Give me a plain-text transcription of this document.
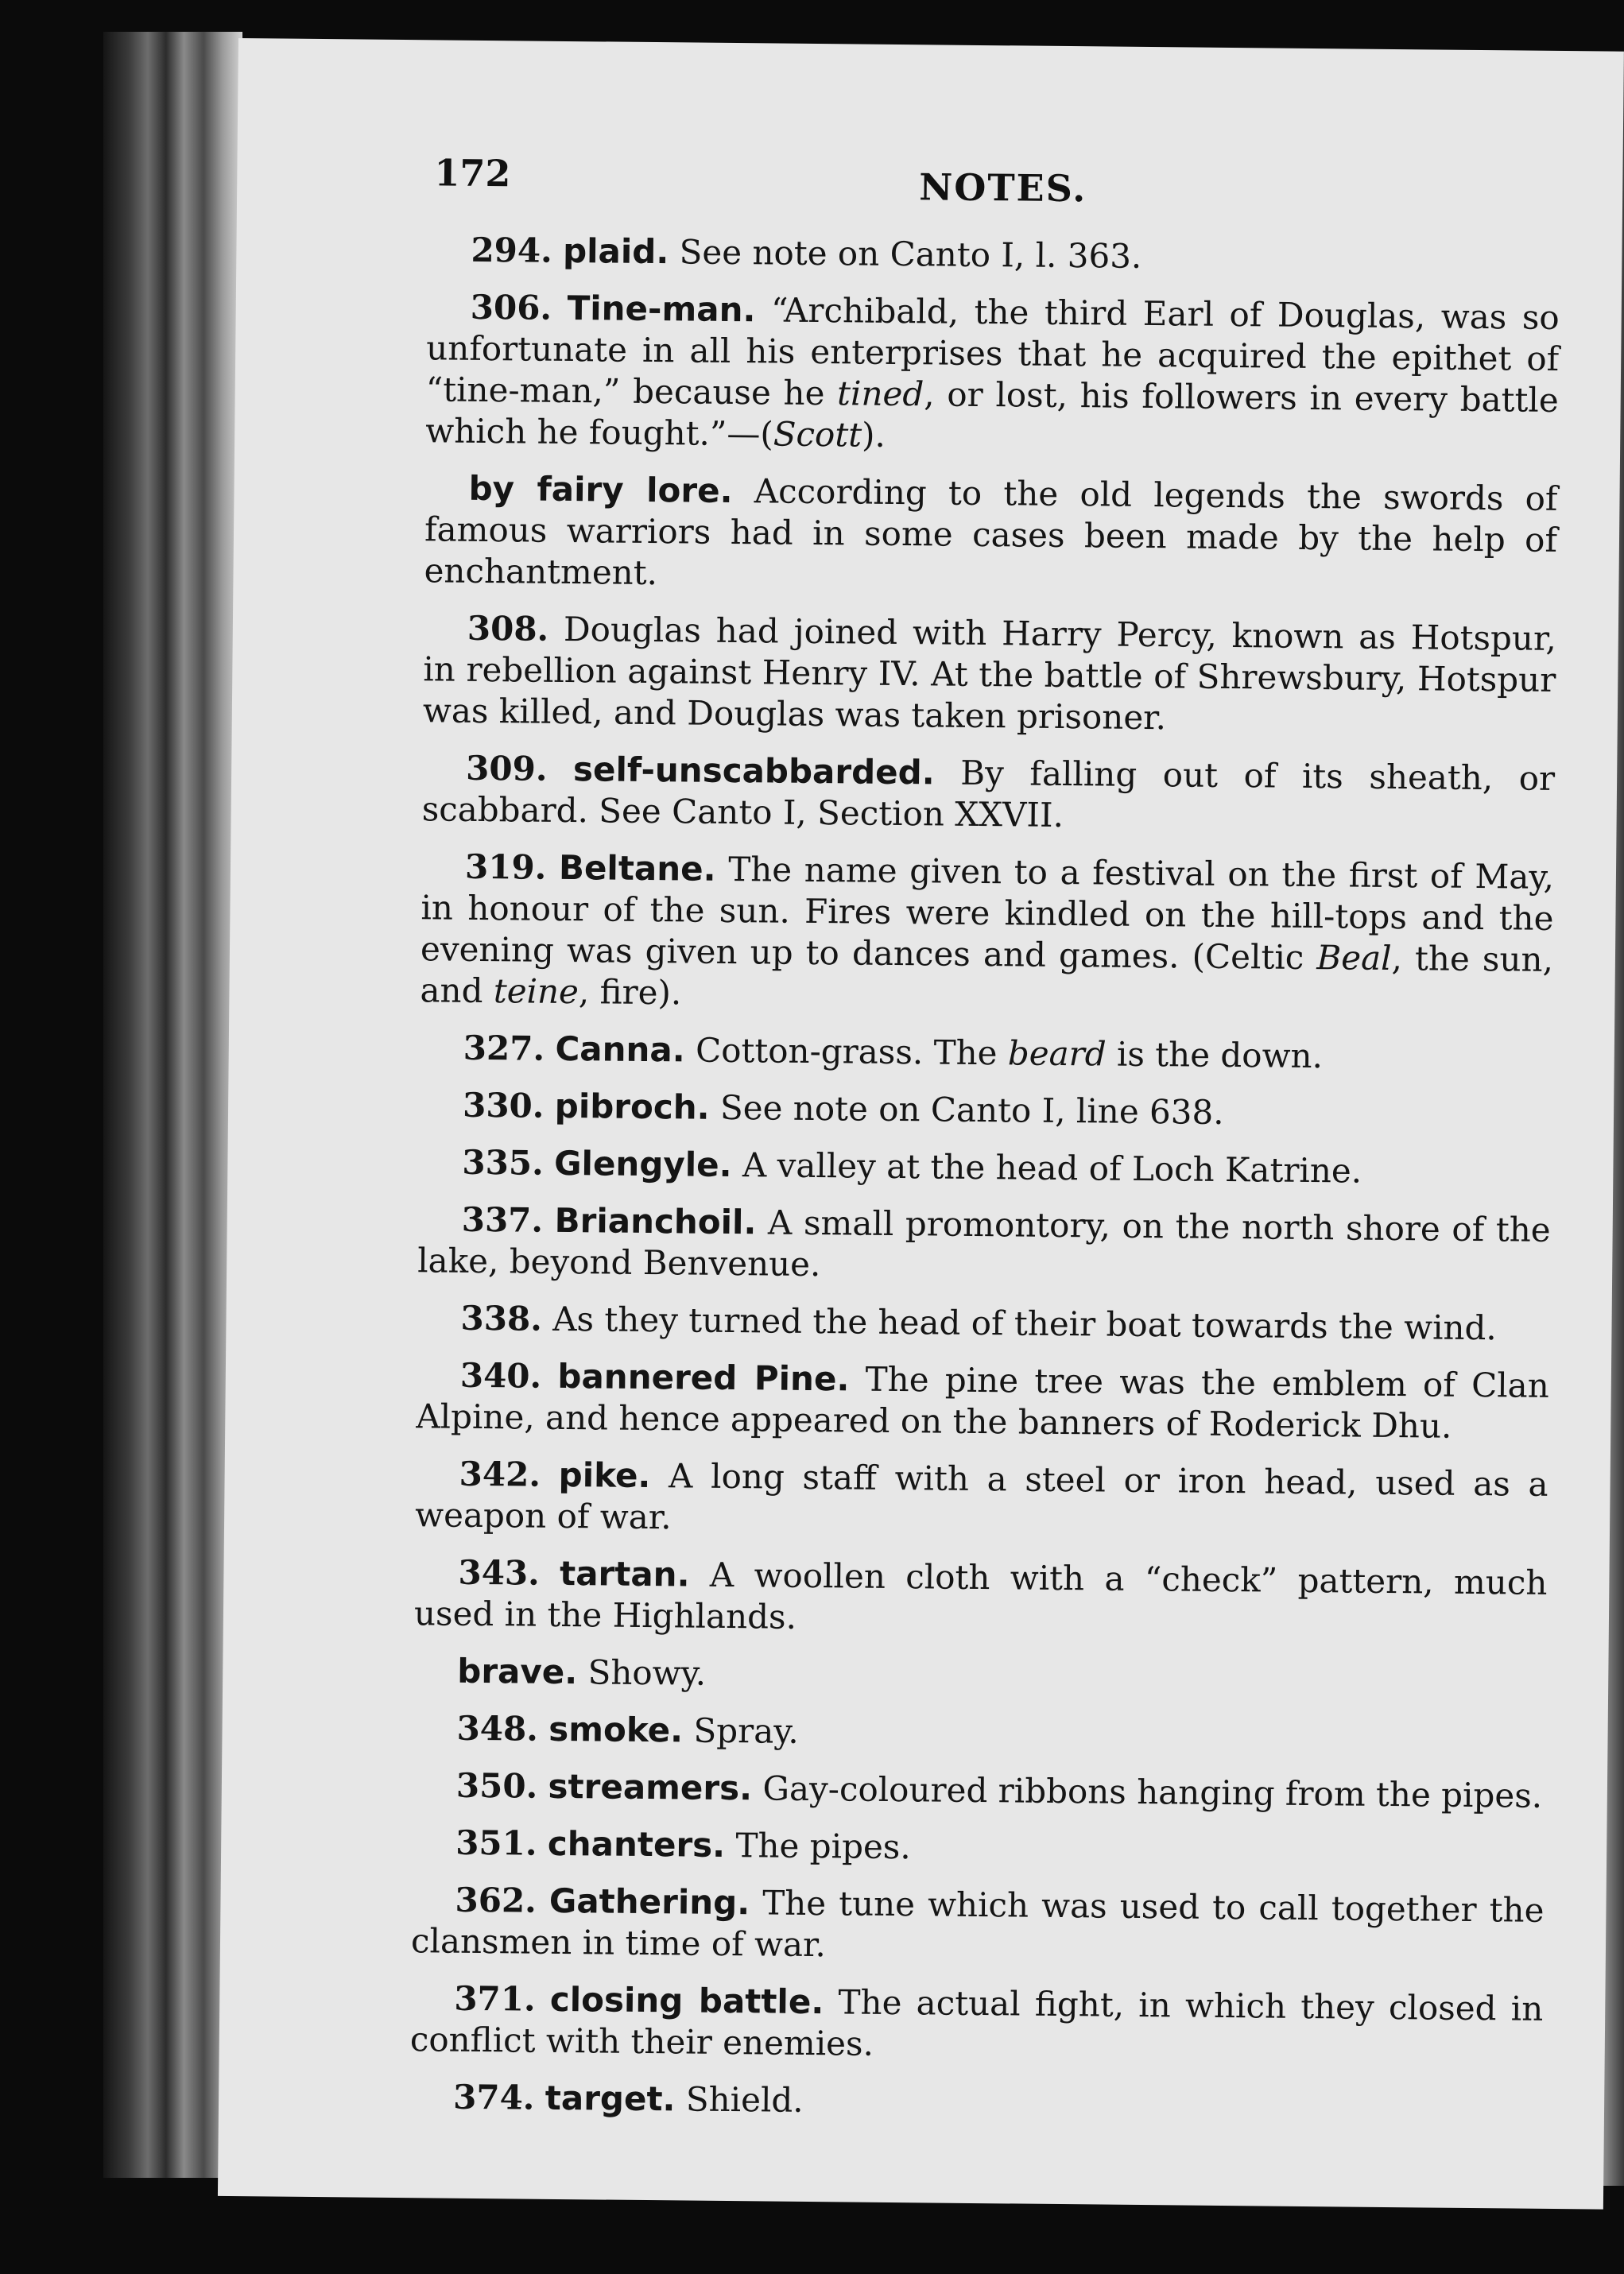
172	NOTES.

294. plaid. See note on Canto I, l. 363.

306. Tine-man. “Archibald, the third Earl of Douglas, was so unfortunate in all his enterprises that he acquired the epithet of “tine-man,” because he tined, or lost, his followers in every battle which he fought.”—(Scott).

by fairy lore. According to the old legends the swords of famous warriors had in some cases been made by the help of enchantment.

308. Douglas had joined with Harry Percy, known as Hotspur, in rebellion against Henry IV. At the battle of Shrewsbury, Hotspur was killed, and Douglas was taken prisoner.

309. self-unscabbarded. By falling out of its sheath, or scabbard. See Canto I, Section XXVII.

319. Beltane. The name given to a festival on the first of May, in honour of the sun. Fires were kindled on the hill-tops and the evening was given up to dances and games. (Celtic Beal, the sun, and teine, fire).

327. Canna. Cotton-grass. The beard is the down.

330. pibroch. See note on Canto I, line 638.

335. Glengyle. A valley at the head of Loch Katrine.

337. Brianchoil. A small promontory, on the north shore of the lake, beyond Benvenue.

338. As they turned the head of their boat towards the wind.

340. bannered Pine. The pine tree was the emblem of Clan Alpine, and hence appeared on the banners of Roderick Dhu.

342. pike. A long staff with a steel or iron head, used as a weapon of war.

343. tartan. A woollen cloth with a “check” pattern, much used in the Highlands.

brave. Showy.

348. smoke. Spray.

350. streamers. Gay-coloured ribbons hanging from the pipes.

351. chanters. The pipes.

362. Gathering. The tune which was used to call together the clansmen in time of war.

371. closing battle. The actual fight, in which they closed in conflict with their enemies.

374. target. Shield.
